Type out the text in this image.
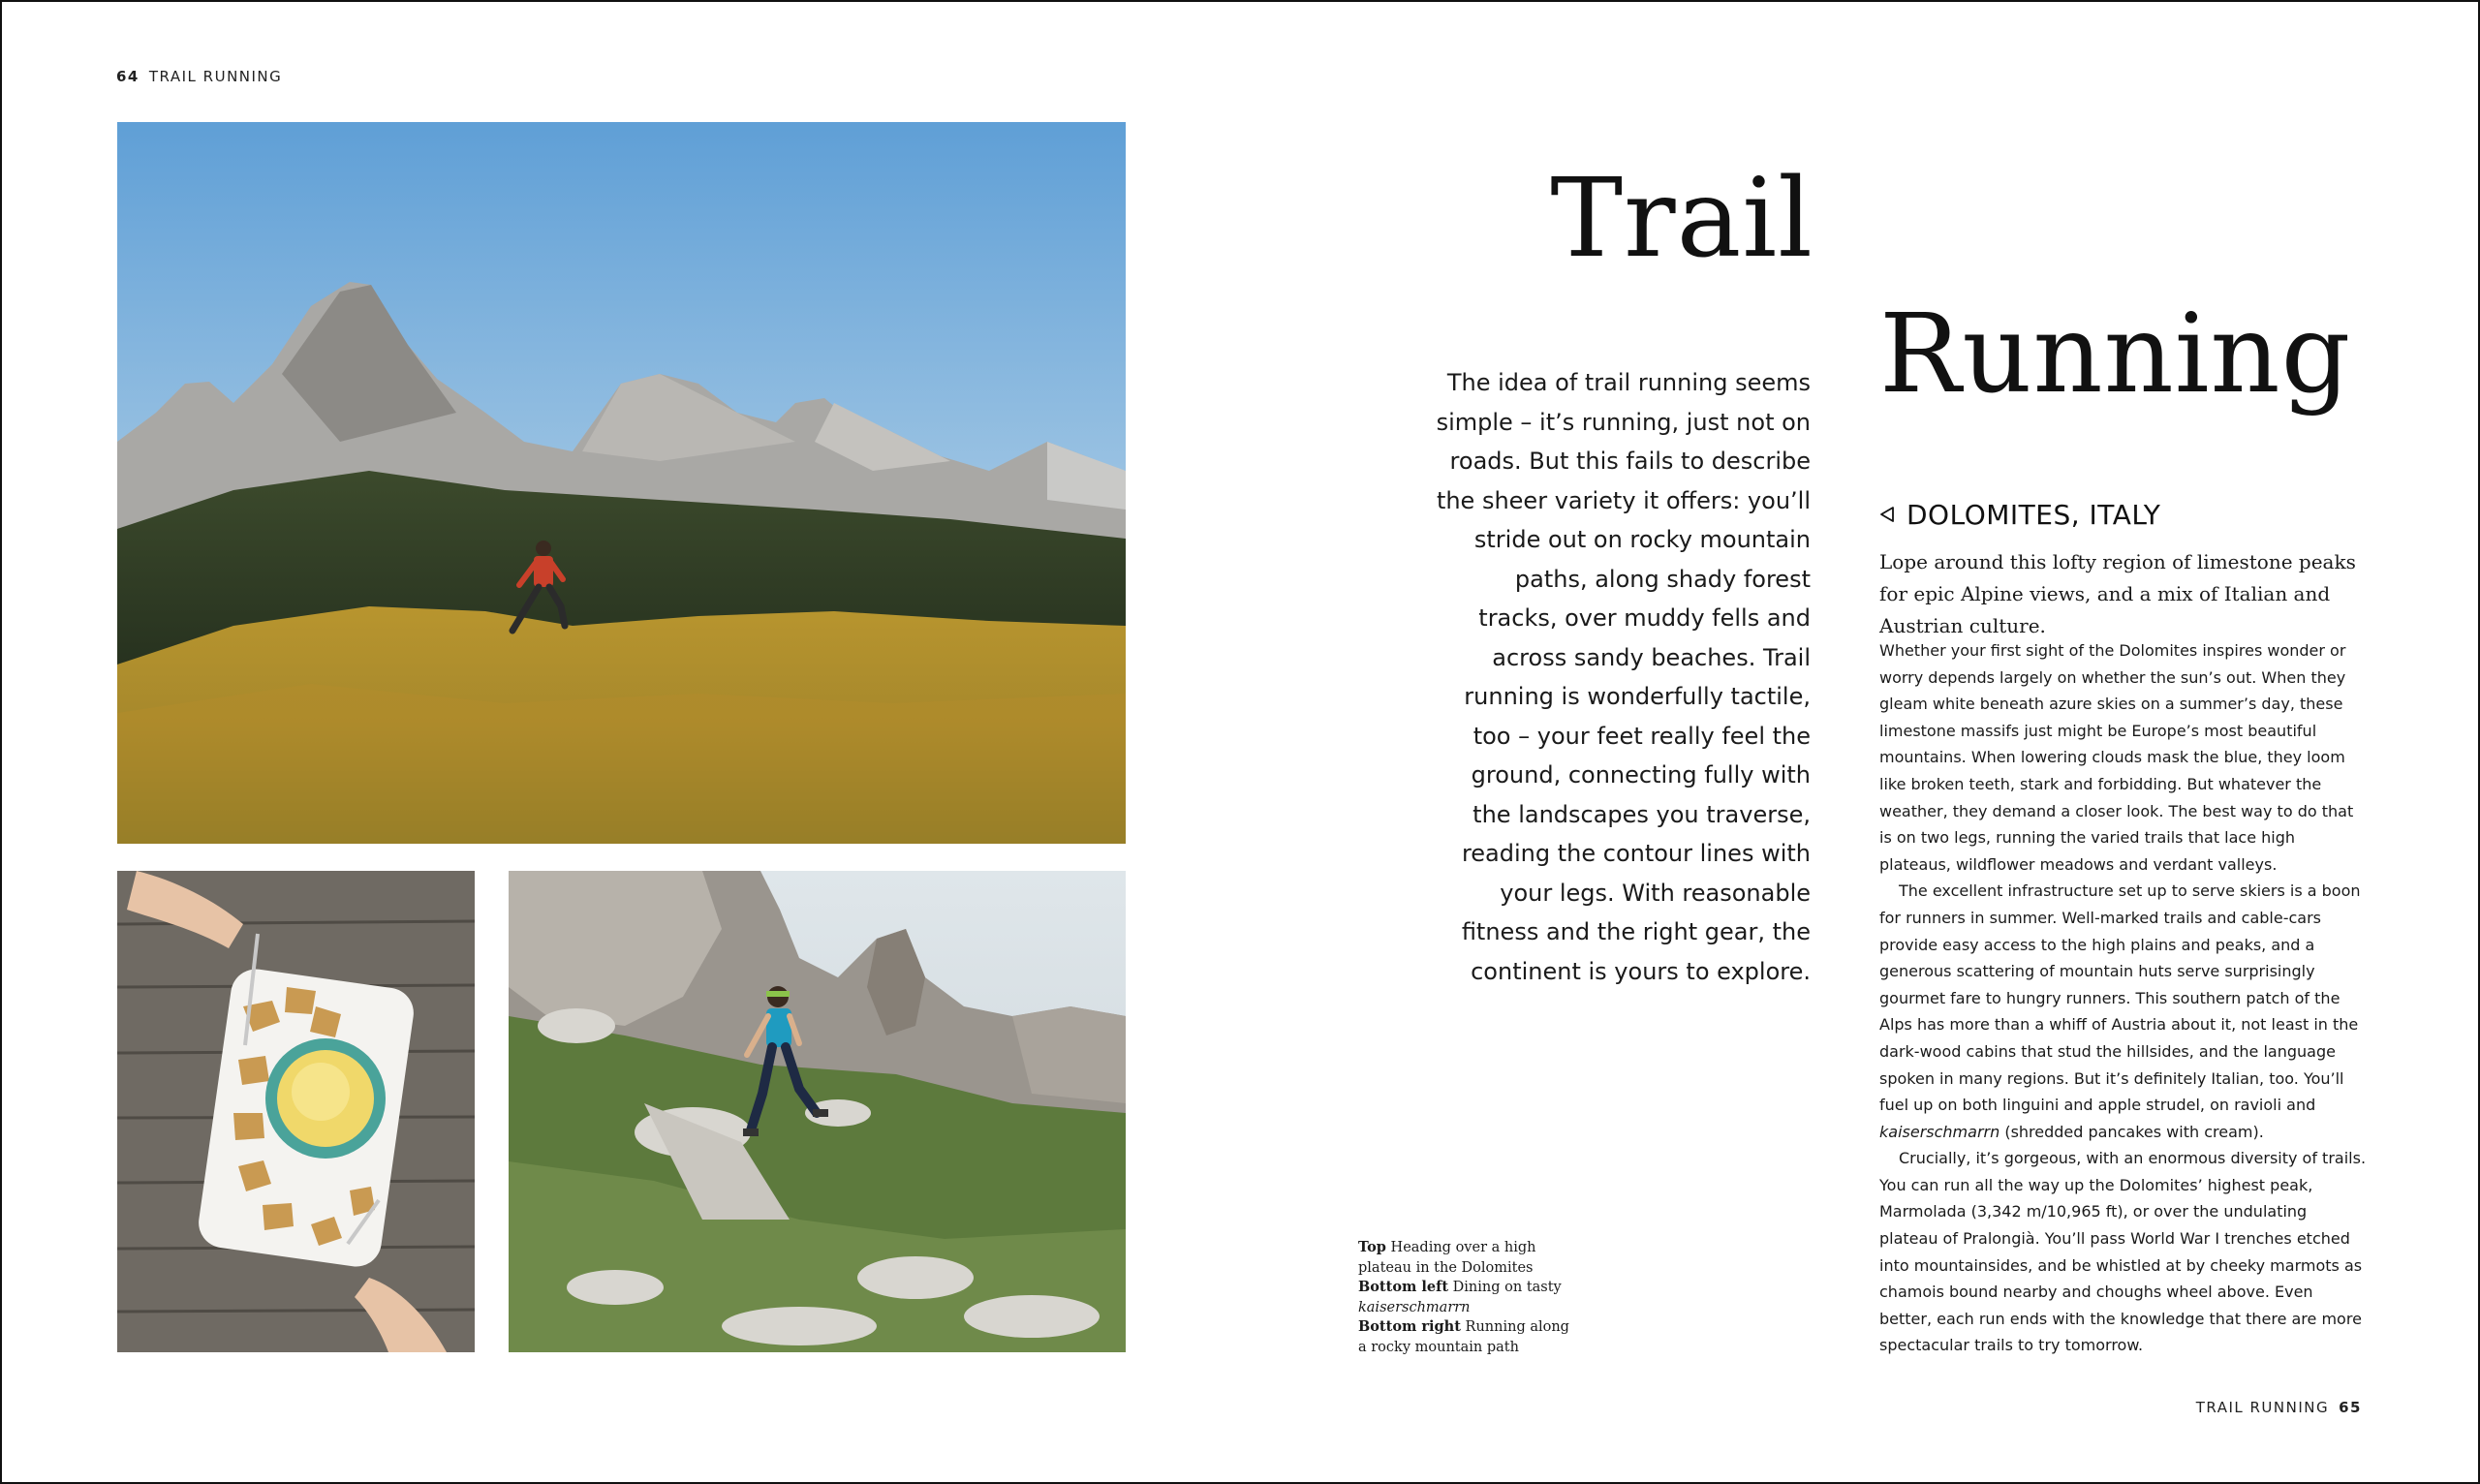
64 TRAIL RUNNING
Top Heading over a high plateau in the Dolomites
Bottom left Dining on tasty kaiserschmarrn
Bottom right Running along a rocky mountain path
Trail
Running

The idea of trail running seems simple – it’s running, just not on roads. But this fails to describe the sheer variety it offers: you’ll stride out on rocky mountain paths, along shady forest tracks, over muddy fells and across sandy beaches. Trail running is wonderfully tactile, too – your feet really feel the ground, connecting fully with the landscapes you traverse, reading the contour lines with your legs. With reasonable fitness and the right gear, the continent is yours to explore.

DOLOMITES, ITALY

Lope around this lofty region of limestone peaks for epic Alpine views, and a mix of Italian and Austrian culture.

Whether your first sight of the Dolomites inspires wonder or worry depends largely on whether the sun’s out. When they gleam white beneath azure skies on a summer’s day, these limestone massifs just might be Europe’s most beautiful mountains. When lowering clouds mask the blue, they loom like broken teeth, stark and forbidding. But whatever the weather, they demand a closer look. The best way to do that is on two legs, running the varied trails that lace high plateaus, wildflower meadows and verdant valleys.

The excellent infrastructure set up to serve skiers is a boon for runners in summer. Well-marked trails and cable-cars provide easy access to the high plains and peaks, and a generous scattering of mountain huts serve surprisingly gourmet fare to hungry runners. This southern patch of the Alps has more than a whiff of Austria about it, not least in the dark-wood cabins that stud the hillsides, and the language spoken in many regions. But it’s definitely Italian, too. You’ll fuel up on both linguini and apple strudel, on ravioli and kaiserschmarrn (shredded pancakes with cream).

Crucially, it’s gorgeous, with an enormous diversity of trails. You can run all the way up the Dolomites’ highest peak, Marmolada (3,342 m/10,965 ft), or over the undulating plateau of Pralongià. You’ll pass World War I trenches etched into mountainsides, and be whistled at by cheeky marmots as chamois bound nearby and choughs wheel above. Even better, each run ends with the knowledge that there are more spectacular trails to try tomorrow.

TRAIL RUNNING 65
